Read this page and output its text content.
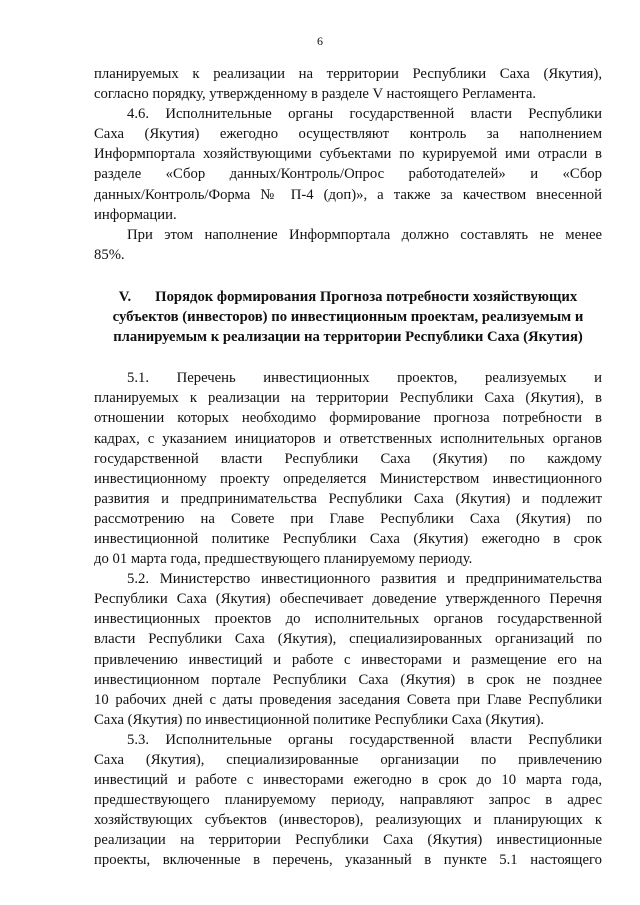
6
планируемых к реализации на территории Республики Саха (Якутия),
согласно порядку, утвержденному в разделе V настоящего Регламента.
4.6. Исполнительные органы государственной власти Республики
Саха (Якутия) ежегодно осуществляют контроль за наполнением
Информпортала хозяйствующими субъектами по курируемой ими отрасли в
разделе «Сбор данных/Контроль/Опрос работодателей» и «Сбор
данных/Контроль/Форма № П-4 (доп)», а также за качеством внесенной
информации.
При этом наполнение Информпортала должно составлять не менее
85%.
V. Порядок формирования Прогноза потребности хозяйствующих
субъектов (инвесторов) по инвестиционным проектам, реализуемым и
планируемым к реализации на территории Республики Саха (Якутия)
5.1. Перечень инвестиционных проектов, реализуемых и
планируемых к реализации на территории Республики Саха (Якутия), в
отношении которых необходимо формирование прогноза потребности в
кадрах, с указанием инициаторов и ответственных исполнительных органов
государственной власти Республики Саха (Якутия) по каждому
инвестиционному проекту определяется Министерством инвестиционного
развития и предпринимательства Республики Саха (Якутия) и подлежит
рассмотрению на Совете при Главе Республики Саха (Якутия) по
инвестиционной политике Республики Саха (Якутия) ежегодно в срок
до 01 марта года, предшествующего планируемому периоду.
5.2. Министерство инвестиционного развития и предпринимательства
Республики Саха (Якутия) обеспечивает доведение утвержденного Перечня
инвестиционных проектов до исполнительных органов государственной
власти Республики Саха (Якутия), специализированных организаций по
привлечению инвестиций и работе с инвесторами и размещение его на
инвестиционном портале Республики Саха (Якутия) в срок не позднее
10 рабочих дней с даты проведения заседания Совета при Главе Республики
Саха (Якутия) по инвестиционной политике Республики Саха (Якутия).
5.3. Исполнительные органы государственной власти Республики
Саха (Якутия), специализированные организации по привлечению
инвестиций и работе с инвесторами ежегодно в срок до 10 марта года,
предшествующего планируемому периоду, направляют запрос в адрес
хозяйствующих субъектов (инвесторов), реализующих и планирующих к
реализации на территории Республики Саха (Якутия) инвестиционные
проекты, включенные в перечень, указанный в пункте 5.1 настоящего
